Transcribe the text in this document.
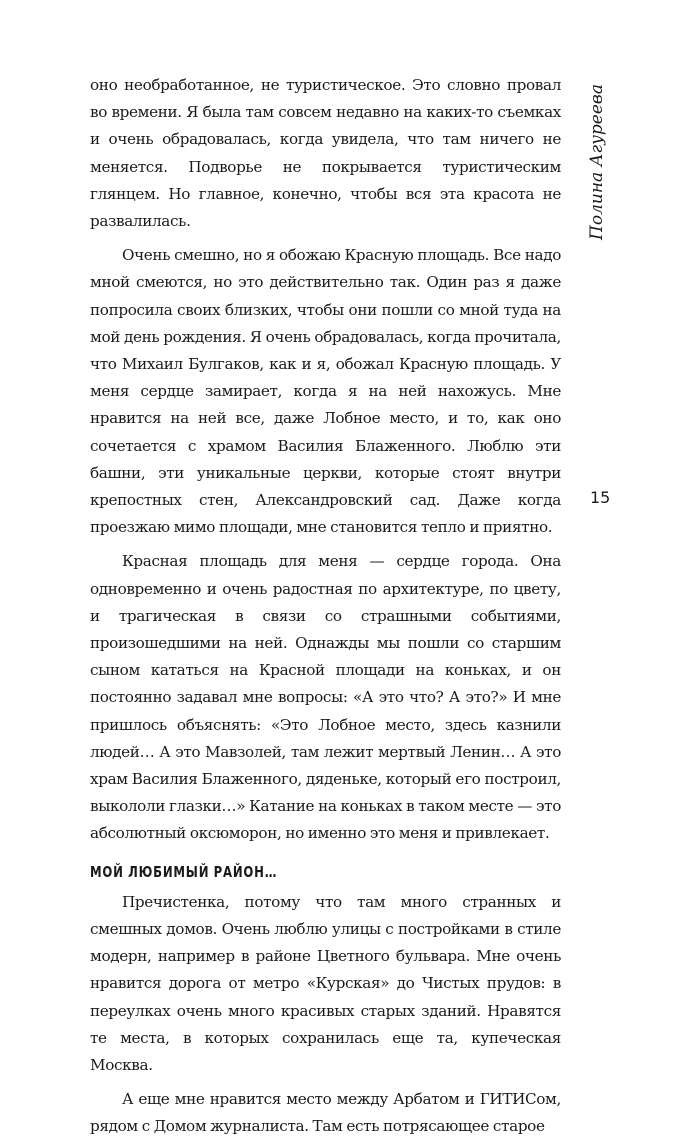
оно необработанное, не туристическое. Это словно провал во времени. Я была там совсем недавно на каких-то съемках и очень обрадовалась, когда увидела, что там ничего не меняется. Подворье не покрывается туристическим глянцем. Но главное, конечно, чтобы вся эта красота не развалилась.

Очень смешно, но я обожаю Красную площадь. Все надо мной смеются, но это действительно так. Один раз я даже попросила своих близких, чтобы они пошли со мной туда на мой день рождения. Я очень обрадовалась, когда прочитала, что Михаил Булгаков, как и я, обожал Красную площадь. У меня сердце замирает, когда я на ней нахожусь. Мне нравится на ней все, даже Лобное место, и то, как оно сочетается с храмом Василия Блаженного. Люблю эти башни, эти уникальные церкви, которые стоят внутри крепостных стен, Александровский сад. Даже когда проезжаю мимо площади, мне становится тепло и приятно.

Красная площадь для меня — сердце города. Она одновременно и очень радостная по архитектуре, по цвету, и трагическая в связи со страшными событиями, произошедшими на ней. Однажды мы пошли со старшим сыном кататься на Красной площади на коньках, и он постоянно задавал мне вопросы: «А это что? А это?» И мне пришлось объяснять: «Это Лобное место, здесь казнили людей… А это Мавзолей, там лежит мертвый Ленин… А это храм Василия Блаженного, дяденьке, который его построил, выкололи глазки…» Катание на коньках в таком месте — это абсолютный оксюморон, но именно это меня и привлекает.

МОЙ ЛЮБИМЫЙ РАЙОН…

Пречистенка, потому что там много странных и смешных домов. Очень люблю улицы с постройками в стиле модерн, например в районе Цветного бульвара. Мне очень нравится дорога от метро «Курская» до Чистых прудов: в переулках очень много красивых старых зданий. Нравятся те места, в которых сохранилась еще та, купеческая Москва.

А еще мне нравится место между Арбатом и ГИТИСом, рядом с Домом журналиста. Там есть потрясающее старое

Полина Агуреева
15
